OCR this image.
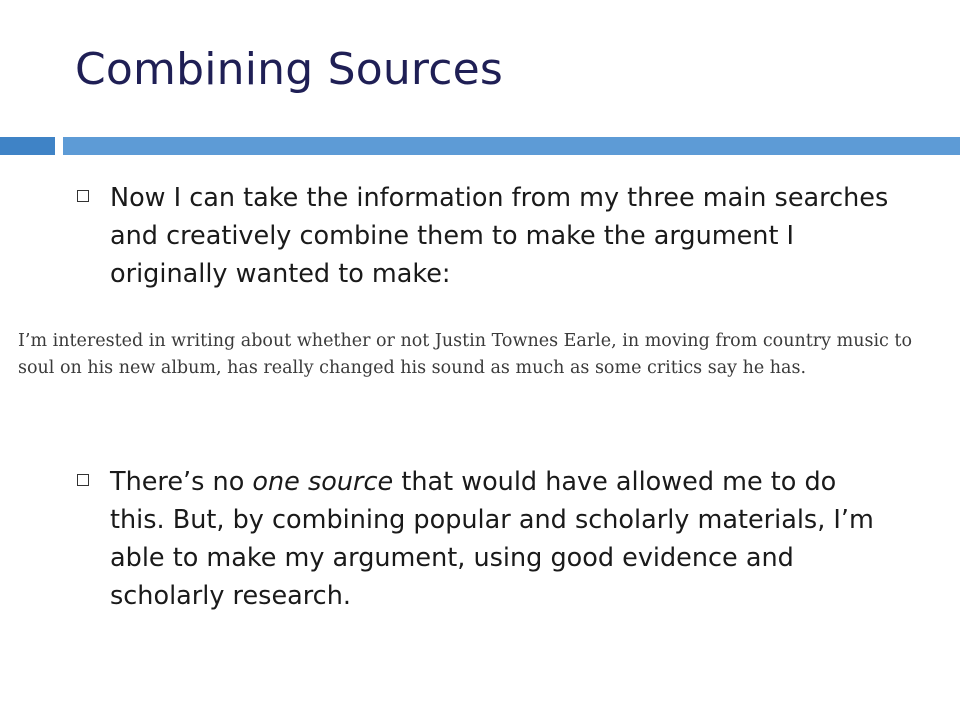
Combining Sources
Now I can take the information from my three main searches and creatively combine them to make the argument I originally wanted to make:
I’m interested in writing about whether or not Justin Townes Earle, in moving from country music to
soul on his new album, has really changed his sound as much as some critics say he has.
There’s no one source that would have allowed me to do this. But, by combining popular and scholarly materials, I’m able to make my argument, using good evidence and scholarly research.
